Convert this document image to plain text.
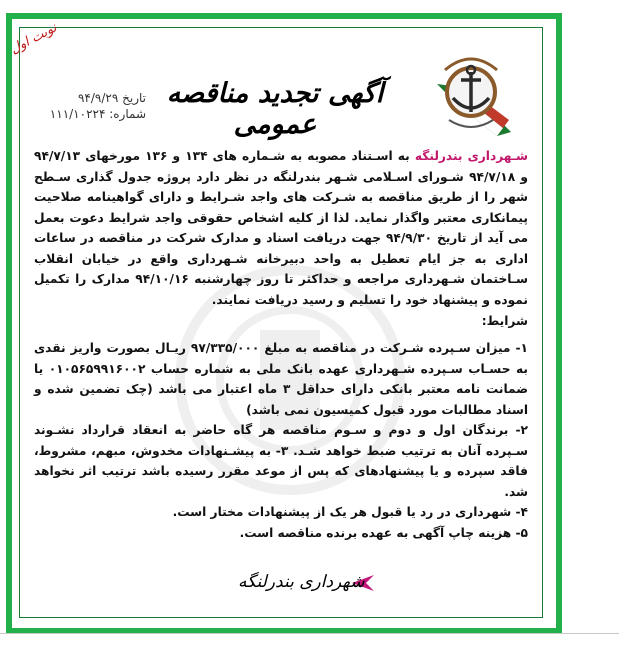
نوبت اول
آگهی تجدید مناقصه عمومی
تاریخ ۹۴/۹/۲۹
شماره: ۱۱۱/۱۰۲۲۴

شـهرداری بندرلنگه به اسـتناد مصوبه به شـماره های ۱۳۴ و ۱۳۶ مورخهای ۹۴/۷/۱۳ و ۹۴/۷/۱۸ شـورای اسـلامی شـهر بندرلنگه در نظر دارد پروژه جدول گذاری سـطح شهر را از طریق مناقصه به شـرکت های واجد شـرایط و دارای گواهینامه صلاحیت پیمانکاری معتبر واگذار نماید. لذا از کلیه اشخاص حقوقی واجد شرایط دعوت بعمل می آید از تاریخ ۹۴/۹/۳۰ جهت دریافت اسناد و مدارک شرکت در مناقصه در ساعات اداری به جز ایام تعطیل به واحد دبیرخانه شـهرداری واقع در خیابان انقلاب سـاختمان شـهرداری مراجعه و حداکثر تا روز چهارشنبه ۹۴/۱۰/۱۶ مدارک را تکمیل نموده و پیشنهاد خود را تسلیم و رسید دریافت نمایند.

شرایط:

۱- میزان سـپرده شـرکت در مناقصه به مبلغ ۹۷/۳۳۵/۰۰۰ ریـال بصورت واریز نقدی به حسـاب سـپرده شـهرداری عهده بانک ملی به شماره حساب ۰۱۰۵۶۵۹۹۱۶۰۰۲ یا ضمانت نامه معتبر بانکی دارای حداقل ۳ ماه اعتبار می باشد (چک تضمین شده و اسناد مطالبات مورد قبول کمیسیون نمی باشد)

۲- برندگان اول و دوم و سـوم مناقصه هر گاه حاضر به انعقاد قرارداد نشـوند سـپرده آنان به ترتیب ضبط خواهد شـد. ۳- به پیشـنهادات مخدوش، مبهم، مشروط، فاقد سپرده و یا پیشنهادهای که پس از موعد مقرر رسیده باشد ترتیب اثر نخواهد شد.

۴- شهرداری در رد یا قبول هر یک از پیشنهادات مختار است.

۵- هزینه چاپ آگهی به عهده برنده مناقصه است.

شهرداری بندرلنگه
